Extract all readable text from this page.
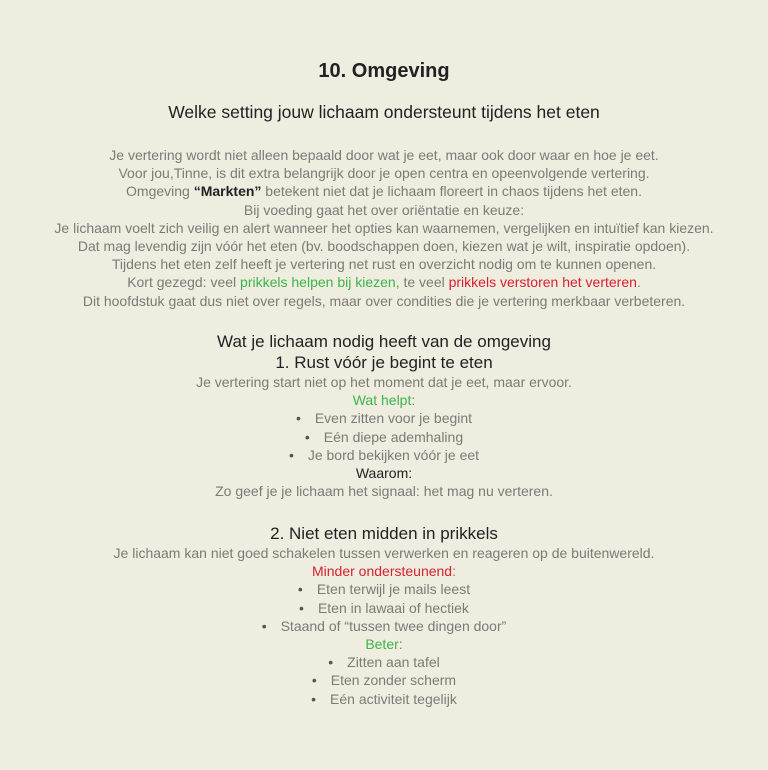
10. Omgeving
Welke setting jouw lichaam ondersteunt tijdens het eten
Je vertering wordt niet alleen bepaald door wat je eet, maar ook door waar en hoe je eet.
Voor jou,Tinne, is dit extra belangrijk door je open centra en opeenvolgende vertering.
Omgeving “Markten” betekent niet dat je lichaam floreert in chaos tijdens het eten.
Bij voeding gaat het over oriëntatie en keuze:
Je lichaam voelt zich veilig en alert wanneer het opties kan waarnemen, vergelijken en intuïtief kan kiezen.
Dat mag levendig zijn vóór het eten (bv. boodschappen doen, kiezen wat je wilt, inspiratie opdoen).
Tijdens het eten zelf heeft je vertering net rust en overzicht nodig om te kunnen openen.
Kort gezegd: veel prikkels helpen bij kiezen, te veel prikkels verstoren het verteren.
Dit hoofdstuk gaat dus niet over regels, maar over condities die je vertering merkbaar verbeteren.
Wat je lichaam nodig heeft van de omgeving
1. Rust vóór je begint te eten
Je vertering start niet op het moment dat je eet, maar ervoor.
Wat helpt:
• Even zitten voor je begint
• Eén diepe ademhaling
• Je bord bekijken vóór je eet
Waarom:
Zo geef je je lichaam het signaal: het mag nu verteren.
2. Niet eten midden in prikkels
Je lichaam kan niet goed schakelen tussen verwerken en reageren op de buitenwereld.
Minder ondersteunend:
• Eten terwijl je mails leest
• Eten in lawaai of hectiek
• Staand of “tussen twee dingen door”
Beter:
• Zitten aan tafel
• Eten zonder scherm
• Eén activiteit tegelijk
